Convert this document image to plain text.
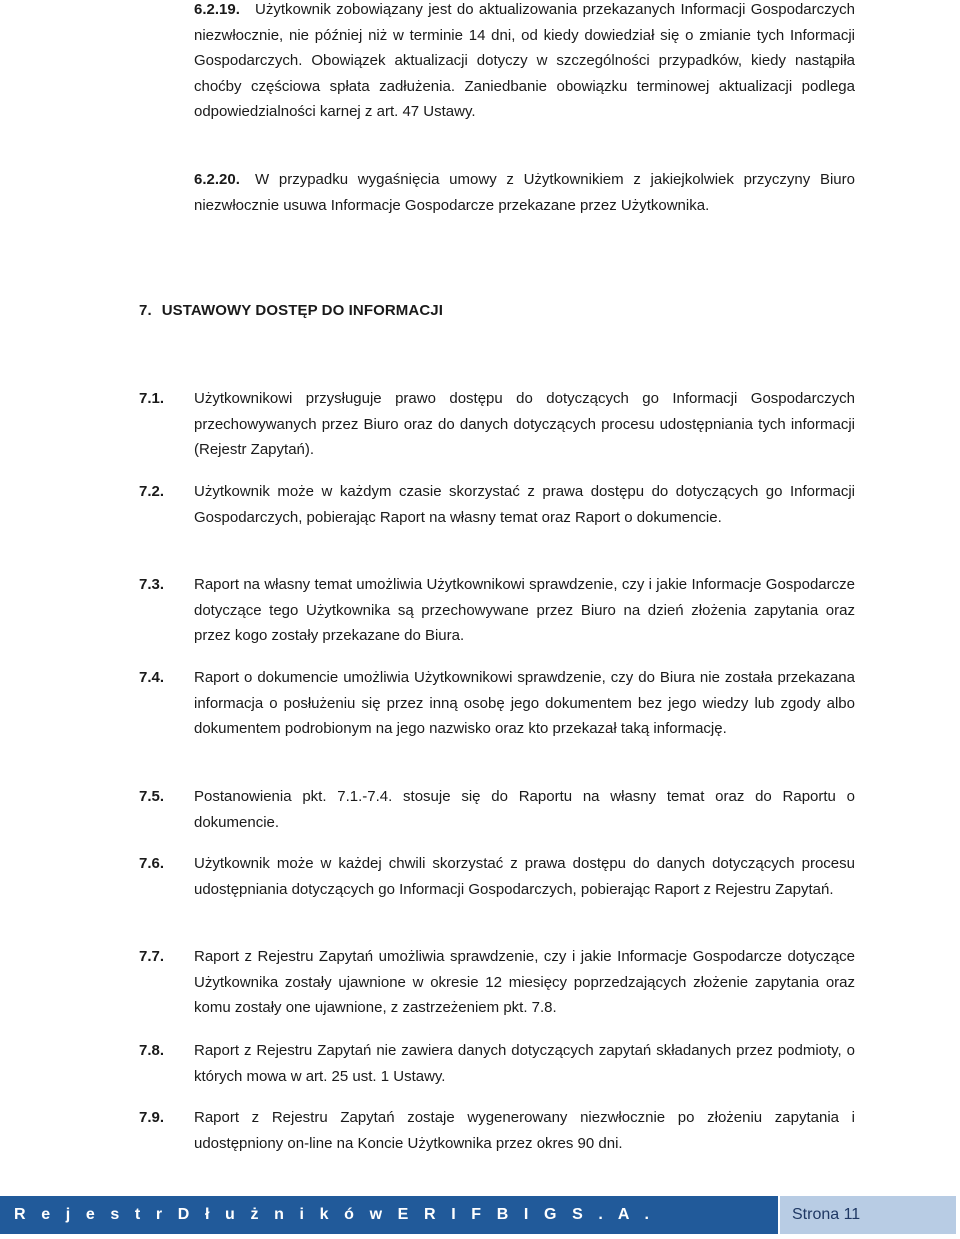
6.2.19.	Użytkownik zobowiązany jest do aktualizowania przekazanych Informacji Gospodarczych niezwłocznie, nie później niż w terminie 14 dni, od kiedy dowiedział się o zmianie tych Informacji Gospodarczych. Obowiązek aktualizacji dotyczy w szczególności przypadków, kiedy nastąpiła choćby częściowa spłata zadłużenia. Zaniedbanie obowiązku terminowej aktualizacji podlega odpowiedzialności karnej z art. 47 Ustawy.
6.2.20.	W przypadku wygaśnięcia umowy z Użytkownikiem z jakiejkolwiek przyczyny Biuro niezwłocznie usuwa Informacje Gospodarcze przekazane przez Użytkownika.
7. USTAWOWY DOSTĘP DO INFORMACJI
7.1. Użytkownikowi przysługuje prawo dostępu do dotyczących go Informacji Gospodarczych przechowywanych przez Biuro oraz do danych dotyczących procesu udostępniania tych informacji (Rejestr Zapytań).
7.2. Użytkownik może w każdym czasie skorzystać z prawa dostępu do dotyczących go Informacji Gospodarczych, pobierając Raport na własny temat oraz Raport o dokumencie.
7.3. Raport na własny temat umożliwia Użytkownikowi sprawdzenie, czy i jakie Informacje Gospodarcze dotyczące tego Użytkownika są przechowywane przez Biuro na dzień złożenia zapytania oraz przez kogo zostały przekazane do Biura.
7.4. Raport o dokumencie umożliwia Użytkownikowi sprawdzenie, czy do Biura nie została przekazana informacja o posłużeniu się przez inną osobę jego dokumentem bez jego wiedzy lub zgody albo dokumentem podrobionym na jego nazwisko oraz kto przekazał taką informację.
7.5. Postanowienia pkt. 7.1.-7.4. stosuje się do Raportu na własny temat oraz do Raportu o dokumencie.
7.6. Użytkownik może w każdej chwili skorzystać z prawa dostępu do danych dotyczących procesu udostępniania dotyczących go Informacji Gospodarczych, pobierając Raport z Rejestru Zapytań.
7.7. Raport z Rejestru Zapytań umożliwia sprawdzenie, czy i jakie Informacje Gospodarcze dotyczące Użytkownika zostały ujawnione w okresie 12 miesięcy poprzedzających złożenie zapytania oraz komu zostały one ujawnione, z zastrzeżeniem pkt. 7.8.
7.8. Raport z Rejestru Zapytań nie zawiera danych dotyczących zapytań składanych przez podmioty, o których mowa w art. 25 ust. 1 Ustawy.
7.9. Raport z Rejestru Zapytań zostaje wygenerowany niezwłocznie po złożeniu zapytania i udostępniony on-line na Koncie Użytkownika przez okres 90 dni.
R e j e s t r D ł u ż n i k ó w E R I F B I G S . A .	Strona 11
